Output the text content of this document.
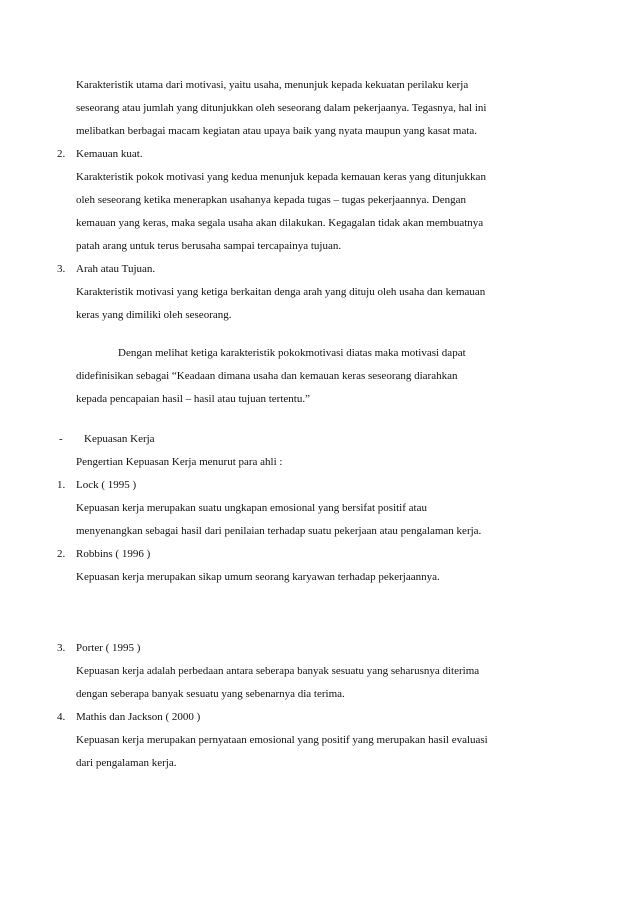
Karakteristik utama dari motivasi, yaitu usaha, menunjuk kepada kekuatan perilaku kerja
seseorang atau jumlah yang ditunjukkan oleh seseorang dalam pekerjaanya. Tegasnya, hal ini
melibatkan berbagai macam kegiatan atau upaya baik yang nyata maupun yang kasat mata.
2. Kemauan kuat.
Karakteristik pokok motivasi yang kedua menunjuk kepada kemauan keras yang ditunjukkan
oleh seseorang ketika menerapkan usahanya kepada tugas – tugas pekerjaannya. Dengan
kemauan yang keras, maka segala usaha akan dilakukan. Kegagalan tidak akan membuatnya
patah arang untuk terus berusaha sampai tercapainya tujuan.
3. Arah atau Tujuan.
Karakteristik motivasi yang ketiga berkaitan denga arah yang dituju oleh usaha dan kemauan
keras yang dimiliki oleh seseorang.
Dengan melihat ketiga karakteristik pokokmotivasi diatas maka motivasi dapat
didefinisikan sebagai “Keadaan dimana usaha dan kemauan keras seseorang diarahkan
kepada pencapaian hasil – hasil atau tujuan tertentu.”
- Kepuasan Kerja
Pengertian Kepuasan Kerja menurut para ahli :
1. Lock ( 1995 )
Kepuasan kerja merupakan suatu ungkapan emosional yang bersifat positif atau
menyenangkan sebagai hasil dari penilaian terhadap suatu pekerjaan atau pengalaman kerja.
2. Robbins ( 1996 )
Kepuasan kerja merupakan sikap umum seorang karyawan terhadap pekerjaannya.
3. Porter ( 1995 )
Kepuasan kerja adalah perbedaan antara seberapa banyak sesuatu yang seharusnya diterima
dengan seberapa banyak sesuatu yang sebenarnya dia terima.
4. Mathis dan Jackson ( 2000 )
Kepuasan kerja merupakan pernyataan emosional yang positif yang merupakan hasil evaluasi
dari pengalaman kerja.
